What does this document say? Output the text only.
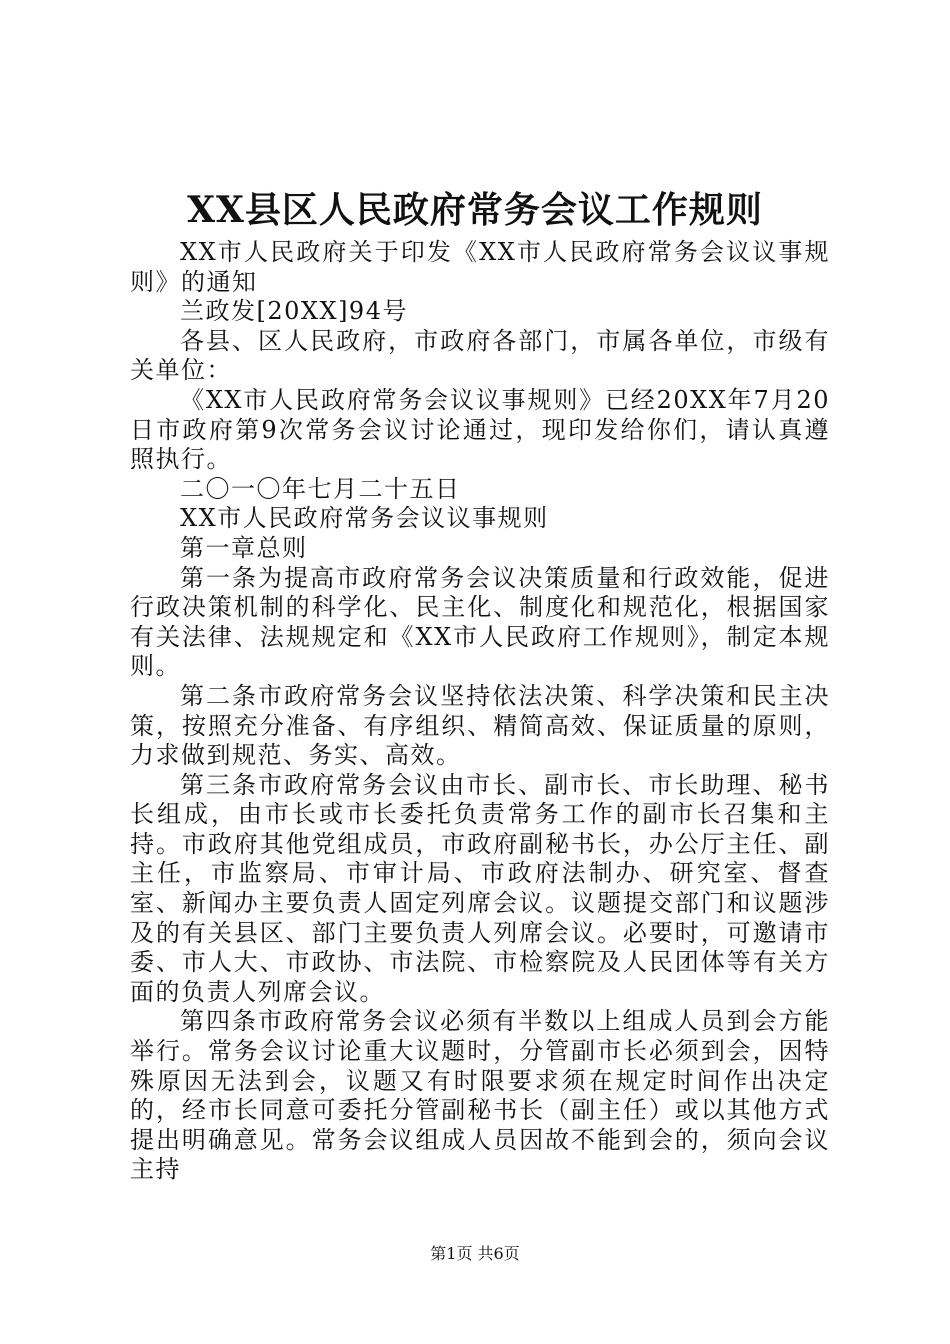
XX县区人民政府常务会议工作规则

XX市人民政府关于印发《XX市人民政府常务会议议事规则》的通知

兰政发[20XX]94号

各县、区人民政府，市政府各部门，市属各单位，市级有关单位：

《XX市人民政府常务会议议事规则》已经20XX年7月20日市政府第9次常务会议讨论通过，现印发给你们，请认真遵照执行。

二〇一〇年七月二十五日

XX市人民政府常务会议议事规则

第一章总则

第一条为提高市政府常务会议决策质量和行政效能，促进行政决策机制的科学化、民主化、制度化和规范化，根据国家有关法律、法规规定和《XX市人民政府工作规则》，制定本规则。

第二条市政府常务会议坚持依法决策、科学决策和民主决策，按照充分准备、有序组织、精简高效、保证质量的原则，力求做到规范、务实、高效。

第三条市政府常务会议由市长、副市长、市长助理、秘书长组成，由市长或市长委托负责常务工作的副市长召集和主持。市政府其他党组成员，市政府副秘书长，办公厅主任、副主任，市监察局、市审计局、市政府法制办、研究室、督查室、新闻办主要负责人固定列席会议。议题提交部门和议题涉及的有关县区、部门主要负责人列席会议。必要时，可邀请市委、市人大、市政协、市法院、市检察院及人民团体等有关方面的负责人列席会议。

第四条市政府常务会议必须有半数以上组成人员到会方能举行。常务会议讨论重大议题时，分管副市长必须到会，因特殊原因无法到会，议题又有时限要求须在规定时间作出决定的，经市长同意可委托分管副秘书长（副主任）或以其他方式提出明确意见。常务会议组成人员因故不能到会的，须向会议主持

第1页 共6页
